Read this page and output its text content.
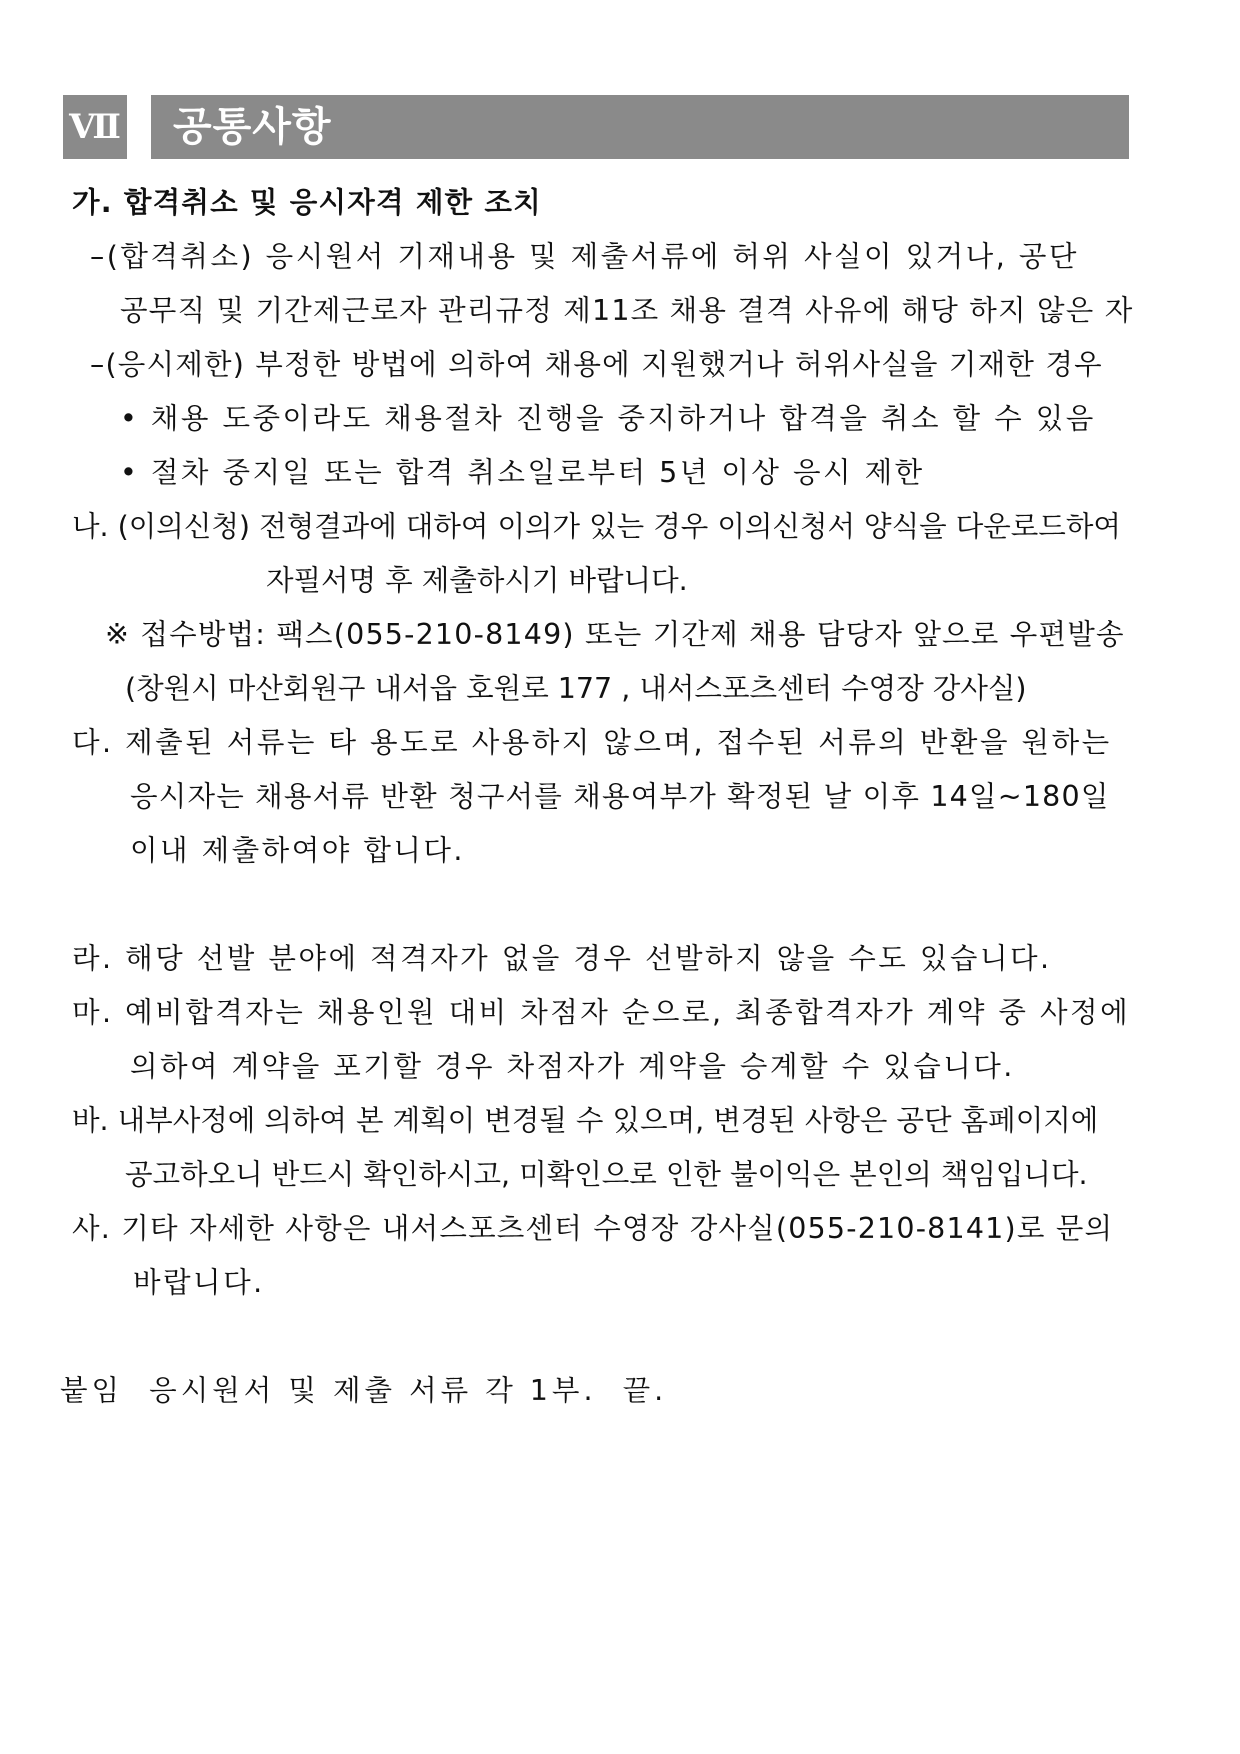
Ⅶ 공통사항
가. 합격취소 및 응시자격 제한 조치
–(합격취소) 응시원서 기재내용 및 제출서류에 허위 사실이 있거나, 공단
공무직 및 기간제근로자 관리규정 제11조 채용 결격 사유에 해당 하지 않은 자
–(응시제한) 부정한 방법에 의하여 채용에 지원했거나 허위사실을 기재한 경우
• 채용 도중이라도 채용절차 진행을 중지하거나 합격을 취소 할 수 있음
• 절차 중지일 또는 합격 취소일로부터 5년 이상 응시 제한
나. (이의신청) 전형결과에 대하여 이의가 있는 경우 이의신청서 양식을 다운로드하여
자필서명 후 제출하시기 바랍니다.
※ 접수방법: 팩스(055-210-8149) 또는 기간제 채용 담당자 앞으로 우편발송
(창원시 마산회원구 내서읍 호원로 177 , 내서스포츠센터 수영장 강사실)
다. 제출된 서류는 타 용도로 사용하지 않으며, 접수된 서류의 반환을 원하는
응시자는 채용서류 반환 청구서를 채용여부가 확정된 날 이후 14일~180일
이내 제출하여야 합니다.
라. 해당 선발 분야에 적격자가 없을 경우 선발하지 않을 수도 있습니다.
마. 예비합격자는 채용인원 대비 차점자 순으로, 최종합격자가 계약 중 사정에
의하여 계약을 포기할 경우 차점자가 계약을 승계할 수 있습니다.
바. 내부사정에 의하여 본 계획이 변경될 수 있으며, 변경된 사항은 공단 홈페이지에
공고하오니 반드시 확인하시고, 미확인으로 인한 불이익은 본인의 책임입니다.
사. 기타 자세한 사항은 내서스포츠센터 수영장 강사실(055-210-8141)로 문의
바랍니다.
붙임  응시원서 및 제출 서류 각 1부.  끝.
